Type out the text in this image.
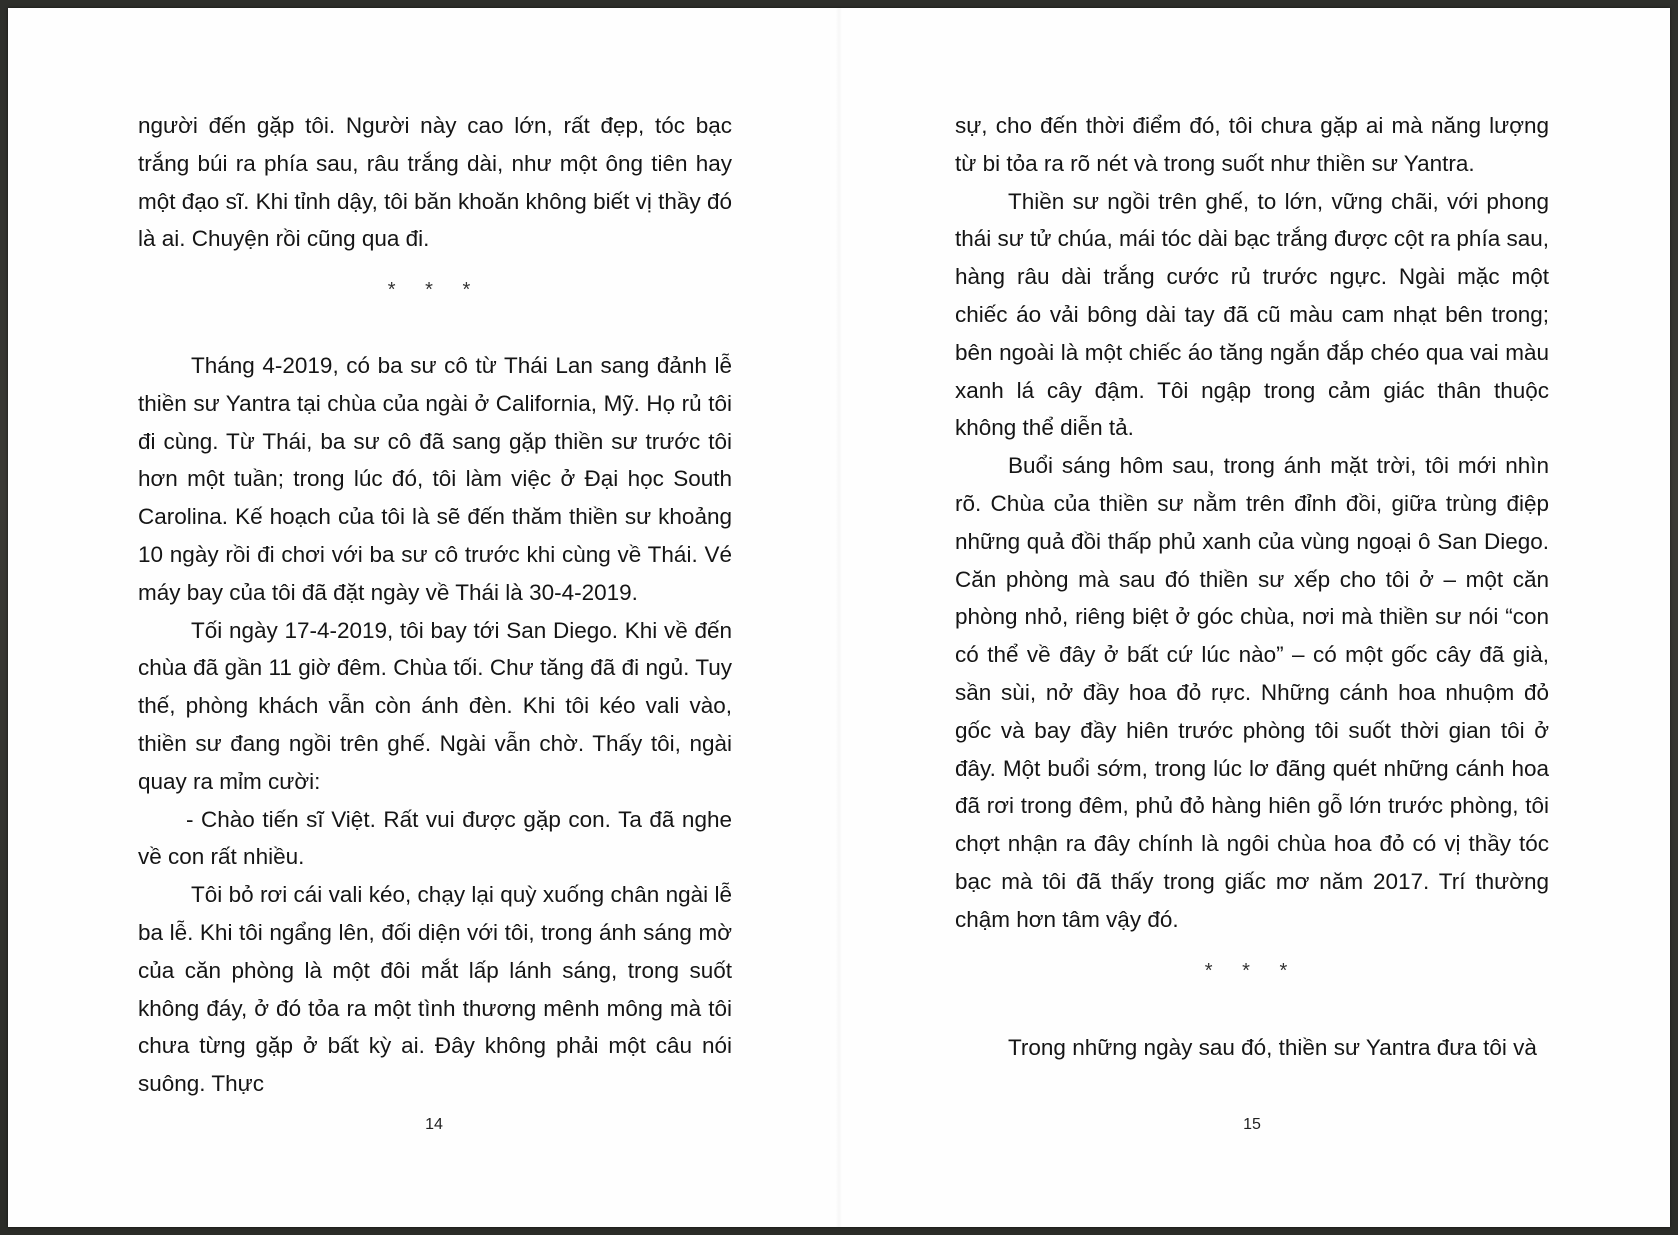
người đến gặp tôi. Người này cao lớn, rất đẹp, tóc bạc trắng búi ra phía sau, râu trắng dài, như một ông tiên hay một đạo sĩ. Khi tỉnh dậy, tôi băn khoăn không biết vị thầy đó là ai. Chuyện rồi cũng qua đi.

* * *

Tháng 4-2019, có ba sư cô từ Thái Lan sang đảnh lễ thiền sư Yantra tại chùa của ngài ở California, Mỹ. Họ rủ tôi đi cùng. Từ Thái, ba sư cô đã sang gặp thiền sư trước tôi hơn một tuần; trong lúc đó, tôi làm việc ở Đại học South Carolina. Kế hoạch của tôi là sẽ đến thăm thiền sư khoảng 10 ngày rồi đi chơi với ba sư cô trước khi cùng về Thái. Vé máy bay của tôi đã đặt ngày về Thái là 30-4-2019.

Tối ngày 17-4-2019, tôi bay tới San Diego. Khi về đến chùa đã gần 11 giờ đêm. Chùa tối. Chư tăng đã đi ngủ. Tuy thế, phòng khách vẫn còn ánh đèn. Khi tôi kéo vali vào, thiền sư đang ngồi trên ghế. Ngài vẫn chờ. Thấy tôi, ngài quay ra mỉm cười:

- Chào tiến sĩ Việt. Rất vui được gặp con. Ta đã nghe về con rất nhiều.

Tôi bỏ rơi cái vali kéo, chạy lại quỳ xuống chân ngài lễ ba lễ. Khi tôi ngẩng lên, đối diện với tôi, trong ánh sáng mờ của căn phòng là một đôi mắt lấp lánh sáng, trong suốt không đáy, ở đó tỏa ra một tình thương mênh mông mà tôi chưa từng gặp ở bất kỳ ai. Đây không phải một câu nói suông. Thực

14

sự, cho đến thời điểm đó, tôi chưa gặp ai mà năng lượng từ bi tỏa ra rõ nét và trong suốt như thiền sư Yantra.

Thiền sư ngồi trên ghế, to lớn, vững chãi, với phong thái sư tử chúa, mái tóc dài bạc trắng được cột ra phía sau, hàng râu dài trắng cước rủ trước ngực. Ngài mặc một chiếc áo vải bông dài tay đã cũ màu cam nhạt bên trong; bên ngoài là một chiếc áo tăng ngắn đắp chéo qua vai màu xanh lá cây đậm. Tôi ngập trong cảm giác thân thuộc không thể diễn tả.

Buổi sáng hôm sau, trong ánh mặt trời, tôi mới nhìn rõ. Chùa của thiền sư nằm trên đỉnh đồi, giữa trùng điệp những quả đồi thấp phủ xanh của vùng ngoại ô San Diego. Căn phòng mà sau đó thiền sư xếp cho tôi ở – một căn phòng nhỏ, riêng biệt ở góc chùa, nơi mà thiền sư nói “con có thể về đây ở bất cứ lúc nào” – có một gốc cây đã già, sần sùi, nở đầy hoa đỏ rực. Những cánh hoa nhuộm đỏ gốc và bay đầy hiên trước phòng tôi suốt thời gian tôi ở đây. Một buổi sớm, trong lúc lơ đãng quét những cánh hoa đã rơi trong đêm, phủ đỏ hàng hiên gỗ lớn trước phòng, tôi chợt nhận ra đây chính là ngôi chùa hoa đỏ có vị thầy tóc bạc mà tôi đã thấy trong giấc mơ năm 2017. Trí thường chậm hơn tâm vậy đó.

* * *

Trong những ngày sau đó, thiền sư Yantra đưa tôi và

15
